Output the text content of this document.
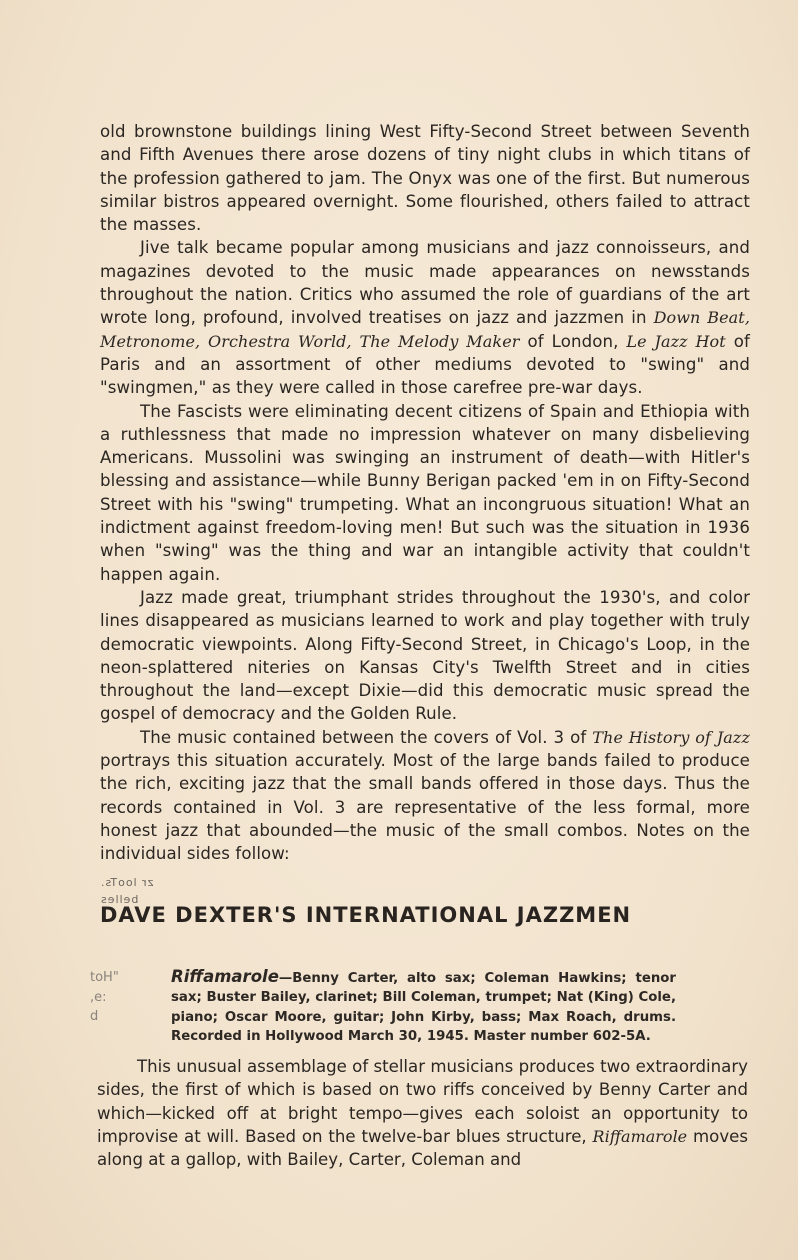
old brownstone buildings lining West Fifty-Second Street between Seventh and Fifth Avenues there arose dozens of tiny night clubs in which titans of the profession gathered to jam. The Onyx was one of the first. But numerous similar bistros appeared overnight. Some flourished, others failed to attract the masses.

Jive talk became popular among musicians and jazz connoisseurs, and magazines devoted to the music made appearances on newsstands throughout the nation. Critics who assumed the role of guardians of the art wrote long, profound, involved treatises on jazz and jazzmen in Down Beat, Metronome, Orchestra World, The Melody Maker of London, Le Jazz Hot of Paris and an assortment of other mediums devoted to "swing" and "swingmen," as they were called in those carefree pre-war days.

The Fascists were eliminating decent citizens of Spain and Ethiopia with a ruthlessness that made no impression whatever on many disbelieving Americans. Mussolini was swinging an instrument of death—with Hitler's blessing and assistance—while Bunny Berigan packed 'em in on Fifty-Second Street with his "swing" trumpeting. What an incongruous situation! What an indictment against freedom-loving men! But such was the situation in 1936 when "swing" was the thing and war an intangible activity that couldn't happen again.

Jazz made great, triumphant strides throughout the 1930's, and color lines disappeared as musicians learned to work and play together with truly democratic viewpoints. Along Fifty-Second Street, in Chicago's Loop, in the neon-splattered niteries on Kansas City's Twelfth Street and in cities throughout the land—except Dixie—did this democratic music spread the gospel of democracy and the Golden Rule.

The music contained between the covers of Vol. 3 of The History of Jazz portrays this situation accurately. Most of the large bands failed to produce the rich, exciting jazz that the small bands offered in those days. Thus the records contained in Vol. 3 are representative of the less formal, more honest jazz that abounded—the music of the small combos. Notes on the individual sides follow:

zr looTs.
belles
DAVE DEXTER'S INTERNATIONAL JAZZMEN
toH"
,e:
d
Riffamarole—Benny Carter, alto sax; Coleman Hawkins; tenor sax; Buster Bailey, clarinet; Bill Coleman, trumpet; Nat (King) Cole, piano; Oscar Moore, guitar; John Kirby, bass; Max Roach, drums. Recorded in Hollywood March 30, 1945. Master number 602-5A.

This unusual assemblage of stellar musicians produces two extraordinary sides, the first of which is based on two riffs conceived by Benny Carter and which—kicked off at bright tempo—gives each soloist an opportunity to improvise at will. Based on the twelve-bar blues structure, Riffamarole moves along at a gallop, with Bailey, Carter, Coleman and
